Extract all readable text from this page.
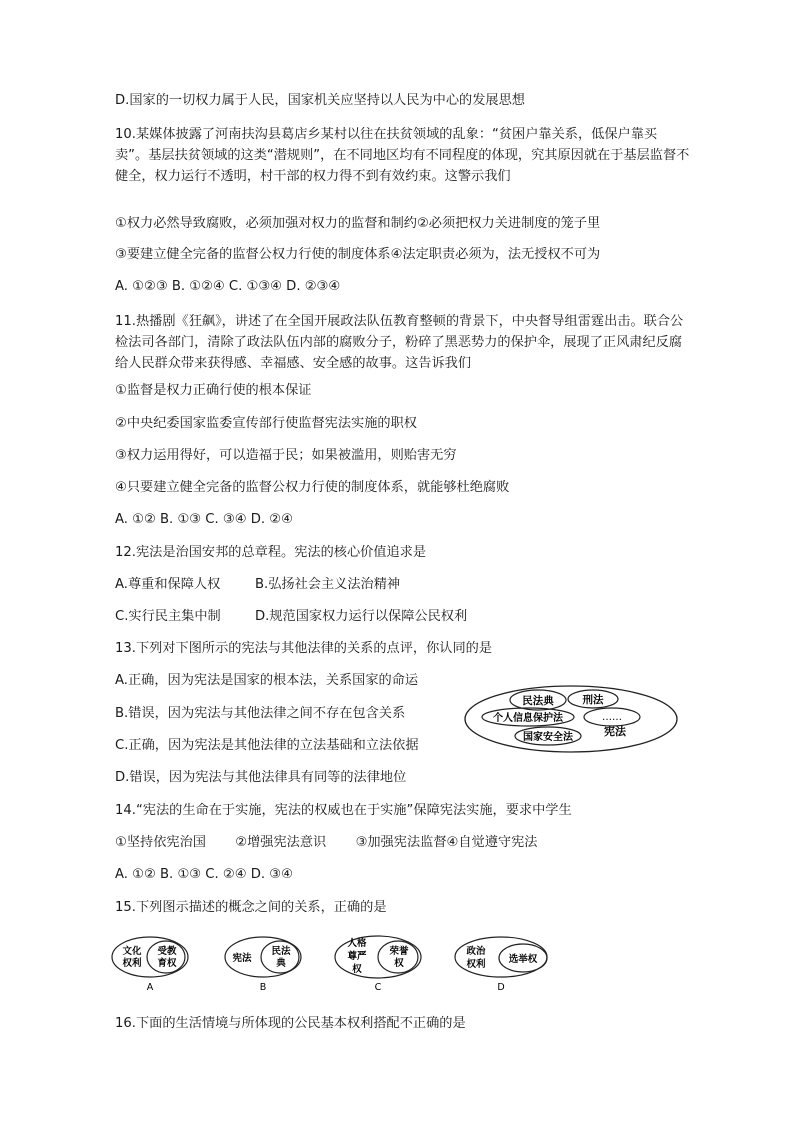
D.国家的一切权力属于人民，国家机关应坚持以人民为中心的发展思想
10.某媒体披露了河南扶沟县葛店乡某村以往在扶贫领域的乱象：“贫困户靠关系，低保户靠买卖”。基层扶贫领域的这类“潜规则”，在不同地区均有不同程度的体现，究其原因就在于基层监督不健全，权力运行不透明，村干部的权力得不到有效约束。这警示我们
①权力必然导致腐败，必须加强对权力的监督和制约②必须把权力关进制度的笼子里
③要建立健全完备的监督公权力行使的制度体系④法定职责必须为，法无授权不可为
A. ①②③ B. ①②④ C. ①③④ D. ②③④
11.热播剧《狂飙》，讲述了在全国开展政法队伍教育整顿的背景下，中央督导组雷霆出击。联合公检法司各部门，清除了政法队伍内部的腐败分子，粉碎了黑恶势力的保护伞，展现了正风肃纪反腐给人民群众带来获得感、幸福感、安全感的故事。这告诉我们
①监督是权力正确行使的根本保证
②中央纪委国家监委宣传部行使监督宪法实施的职权
③权力运用得好，可以造福于民；如果被滥用，则贻害无穷
④只要建立健全完备的监督公权力行使的制度体系，就能够杜绝腐败
A. ①② B. ①③ C. ③④ D. ②④
12.宪法是治国安邦的总章程。宪法的核心价值追求是
A.尊重和保障人权	B.弘扬社会主义法治精神
C.实行民主集中制	D.规范国家权力运行以保障公民权利
13.下列对下图所示的宪法与其他法律的关系的点评，你认同的是
A.正确，因为宪法是国家的根本法，关系国家的命运
B.错误，因为宪法与其他法律之间不存在包含关系
C.正确，因为宪法是其他法律的立法基础和立法依据
D.错误，因为宪法与其他法律具有同等的法律地位
民法典	刑法
个人信息保护法	……
国家安全法	宪法
14.“宪法的生命在于实施，宪法的权威也在于实施”保障宪法实施，要求中学生
①坚持依宪治国       ②增强宪法意识       ③加强宪法监督④自觉遵守宪法
A. ①② B. ①③ C. ②④ D. ③④
15.下列图示描述的概念之间的关系，正确的是
文化
权利
受教
育权
A
宪法
民法
典
B
人格
尊严
权
荣誉
权
C
政治
权利 选举权
D
16.下面的生活情境与所体现的公民基本权利搭配不正确的是
